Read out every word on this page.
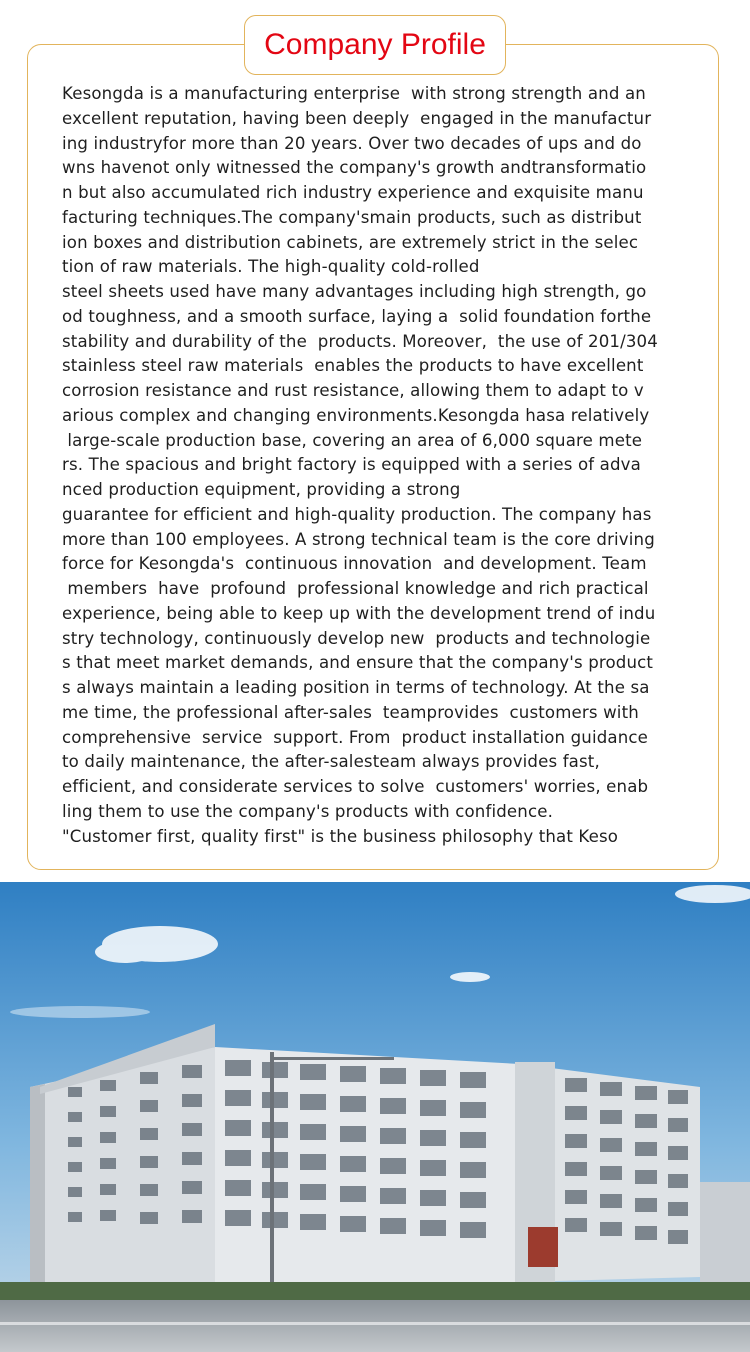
Company Profile

Kesongda is a manufacturing enterprise  with strong strength and an
excellent reputation, having been deeply  engaged in the manufactur
ing industryfor more than 20 years. Over two decades of ups and do
wns havenot only witnessed the company's growth andtransformatio
n but also accumulated rich industry experience and exquisite manu
facturing techniques.The company'smain products, such as distribut
ion boxes and distribution cabinets, are extremely strict in the selec
tion of raw materials. The high-quality cold-rolled
steel sheets used have many advantages including high strength, go
od toughness, and a smooth surface, laying a  solid foundation forthe
stability and durability of the  products. Moreover,  the use of 201/304
stainless steel raw materials  enables the products to have excellent
corrosion resistance and rust resistance, allowing them to adapt to v
arious complex and changing environments.Kesongda hasa relatively
large-scale production base, covering an area of 6,000 square mete
rs. The spacious and bright factory is equipped with a series of adva
nced production equipment, providing a strong
guarantee for efficient and high-quality production. The company has
more than 100 employees. A strong technical team is the core driving
force for Kesongda's  continuous innovation  and development. Team
members  have  profound  professional knowledge and rich practical
experience, being able to keep up with the development trend of indu
stry technology, continuously develop new  products and technologie
s that meet market demands, and ensure that the company's product
s always maintain a leading position in terms of technology. At the sa
me time, the professional after-sales  teamprovides  customers with
comprehensive  service  support. From  product installation guidance
to daily maintenance, the after-salesteam always provides fast,
efficient, and considerate services to solve  customers' worries, enab
ling them to use the company's products with confidence.
"Customer first, quality first" is the business philosophy that Keso
